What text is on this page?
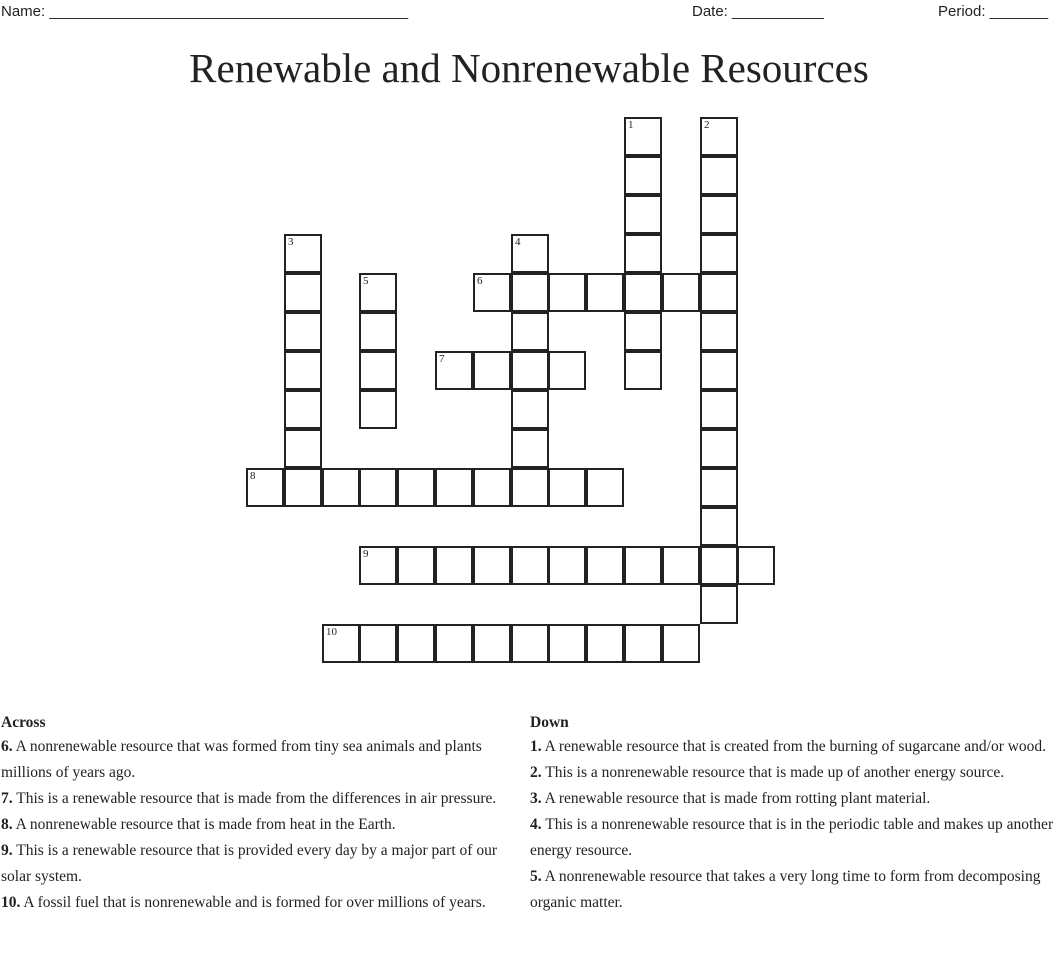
Name: ___________________________________________	Date: ___________	Period: _______
Renewable and Nonrenewable Resources
1	2
3	4
5	6
7
8
9
10
Across

6. A nonrenewable resource that was formed from tiny sea animals and plants millions of years ago.

7. This is a renewable resource that is made from the differences in air pressure.

8. A nonrenewable resource that is made from heat in the Earth.

9. This is a renewable resource that is provided every day by a major part of our solar system.

10. A fossil fuel that is nonrenewable and is formed for over millions of years.

Down

1. A renewable resource that is created from the burning of sugarcane and/or wood.

2. This is a nonrenewable resource that is made up of another energy source.

3. A renewable resource that is made from rotting plant material.

4. This is a nonrenewable resource that is in the periodic table and makes up another energy resource.

5. A nonrenewable resource that takes a very long time to form from decomposing organic matter.
